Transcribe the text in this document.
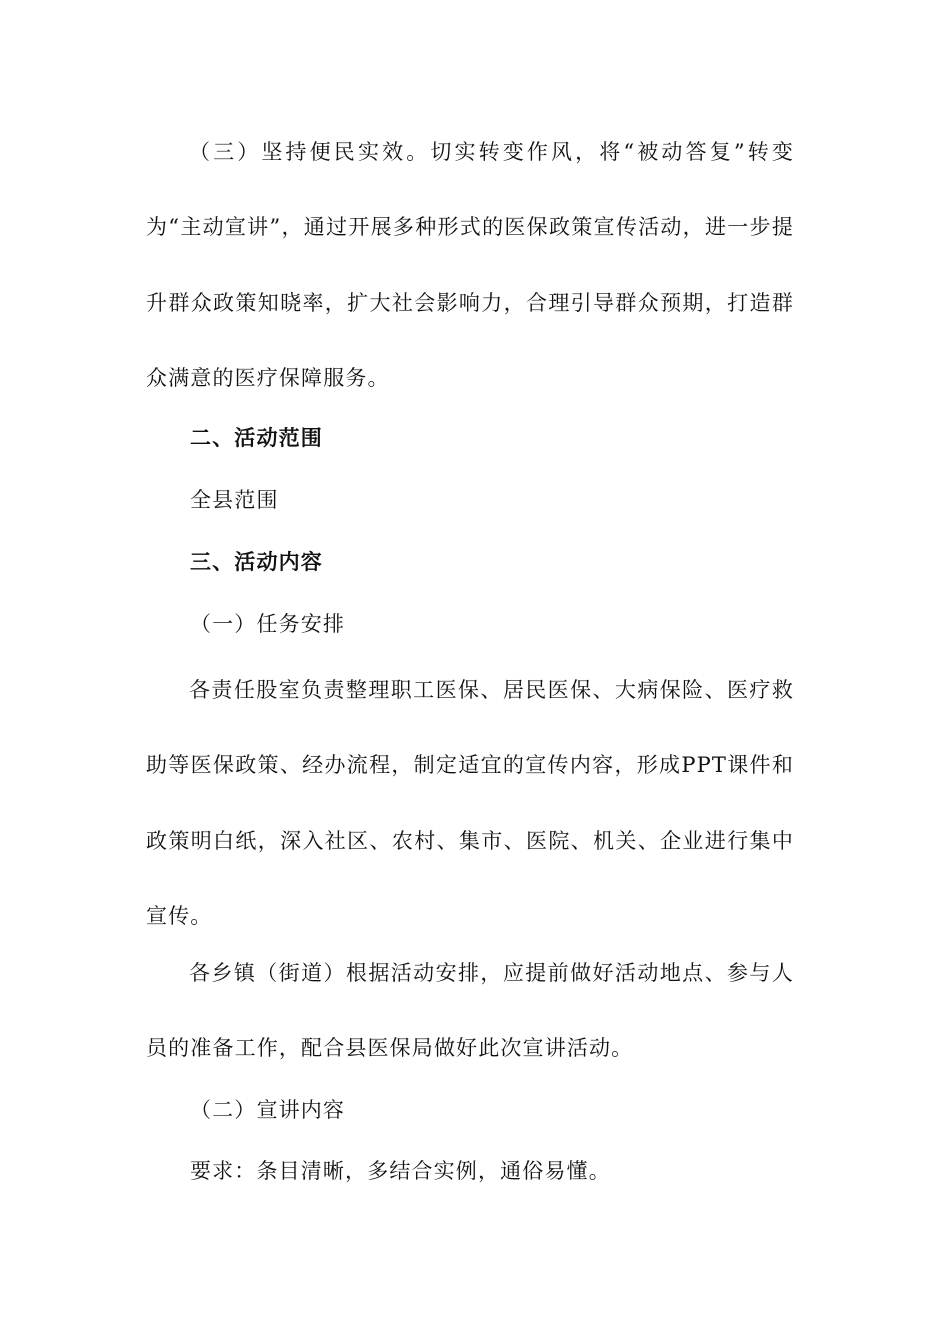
（三）坚持便民实效。切实转变作风，将“被动答复”转变为“主动宣讲”，通过开展多种形式的医保政策宣传活动，进一步提升群众政策知晓率，扩大社会影响力，合理引导群众预期，打造群众满意的医疗保障服务。

二、活动范围

全县范围

三、活动内容

（一）任务安排

各责任股室负责整理职工医保、居民医保、大病保险、医疗救助等医保政策、经办流程，制定适宜的宣传内容，形成PPT课件和政策明白纸，深入社区、农村、集市、医院、机关、企业进行集中宣传。

各乡镇（街道）根据活动安排，应提前做好活动地点、参与人员的准备工作，配合县医保局做好此次宣讲活动。

（二）宣讲内容

要求：条目清晰，多结合实例，通俗易懂。
